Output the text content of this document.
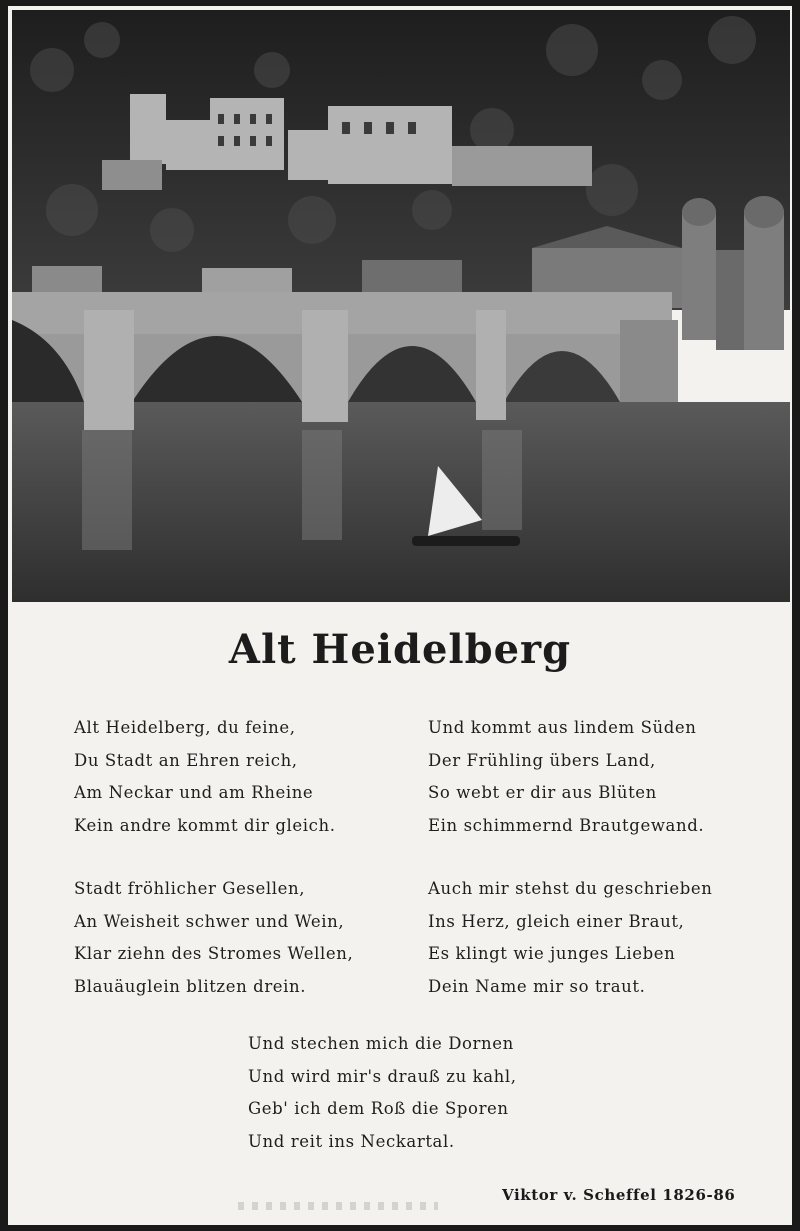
Alt Heidelberg
Alt Heidelberg, du feine,
Du Stadt an Ehren reich,
Am Neckar und am Rheine
Kein andre kommt dir gleich.
Und kommt aus lindem Süden
Der Frühling übers Land,
So webt er dir aus Blüten
Ein schimmernd Brautgewand.
Stadt fröhlicher Gesellen,
An Weisheit schwer und Wein,
Klar ziehn des Stromes Wellen,
Blauäuglein blitzen drein.
Auch mir stehst du geschrieben
Ins Herz, gleich einer Braut,
Es klingt wie junges Lieben
Dein Name mir so traut.
Und stechen mich die Dornen
Und wird mir's drauß zu kahl,
Geb' ich dem Roß die Sporen
Und reit ins Neckartal.
Viktor v. Scheffel 1826-86
